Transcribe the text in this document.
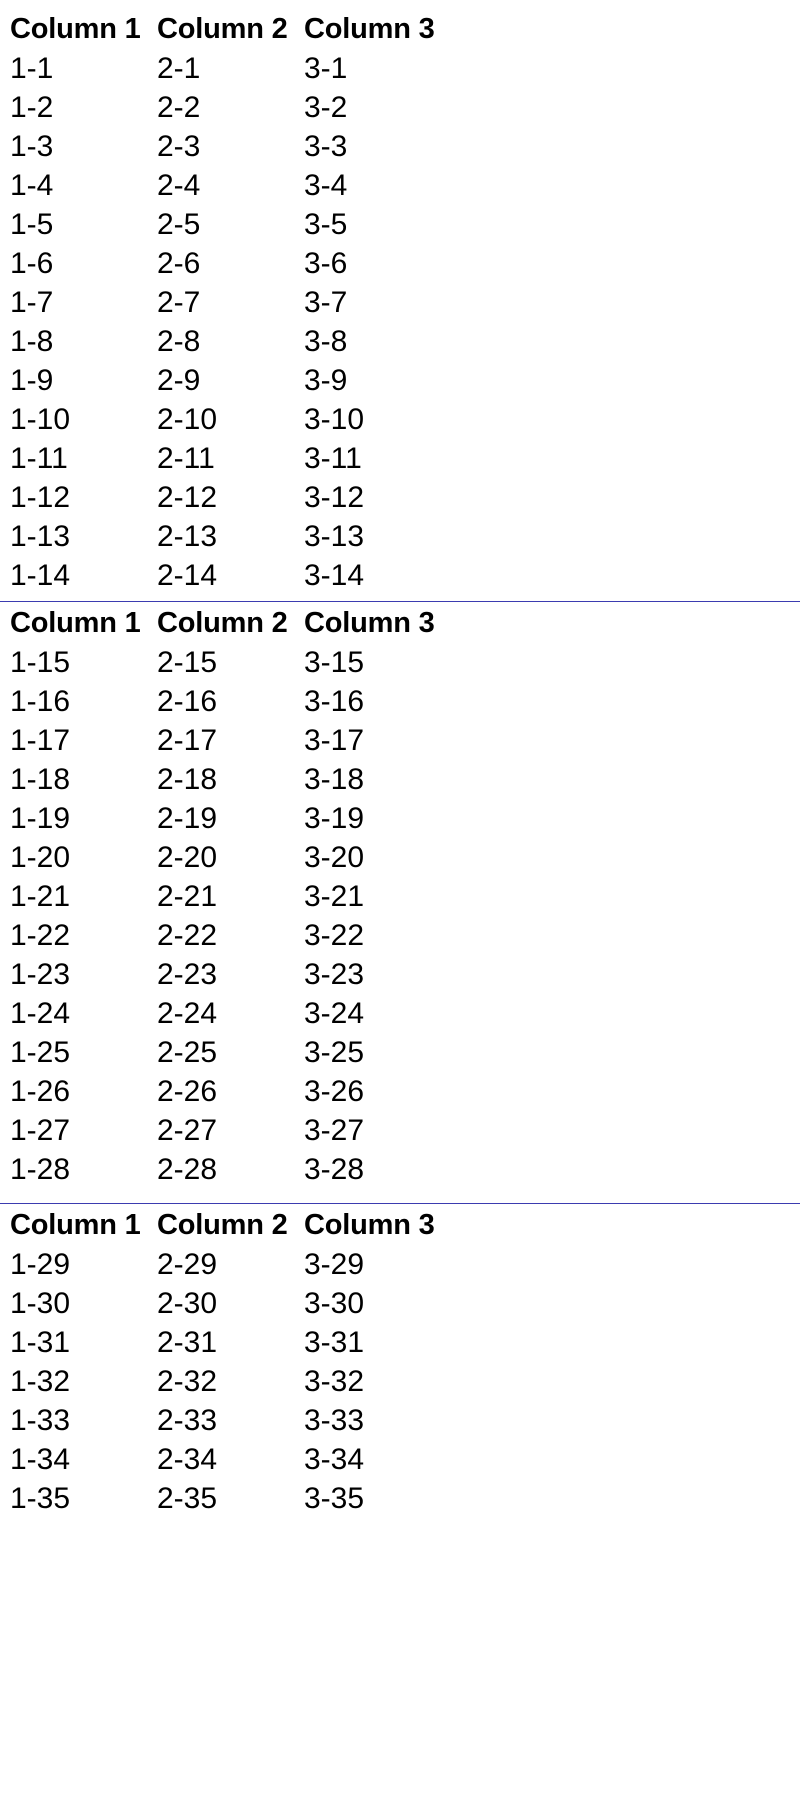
Column 1	Column 2	Column 3
1-1	2-1	3-1
1-2	2-2	3-2
1-3	2-3	3-3
1-4	2-4	3-4
1-5	2-5	3-5
1-6	2-6	3-6
1-7	2-7	3-7
1-8	2-8	3-8
1-9	2-9	3-9
1-10	2-10	3-10
1-11	2-11	3-11
1-12	2-12	3-12
1-13	2-13	3-13
1-14	2-14	3-14
Column 1	Column 2	Column 3
1-15	2-15	3-15
1-16	2-16	3-16
1-17	2-17	3-17
1-18	2-18	3-18
1-19	2-19	3-19
1-20	2-20	3-20
1-21	2-21	3-21
1-22	2-22	3-22
1-23	2-23	3-23
1-24	2-24	3-24
1-25	2-25	3-25
1-26	2-26	3-26
1-27	2-27	3-27
1-28	2-28	3-28
Column 1	Column 2	Column 3
1-29	2-29	3-29
1-30	2-30	3-30
1-31	2-31	3-31
1-32	2-32	3-32
1-33	2-33	3-33
1-34	2-34	3-34
1-35	2-35	3-35
